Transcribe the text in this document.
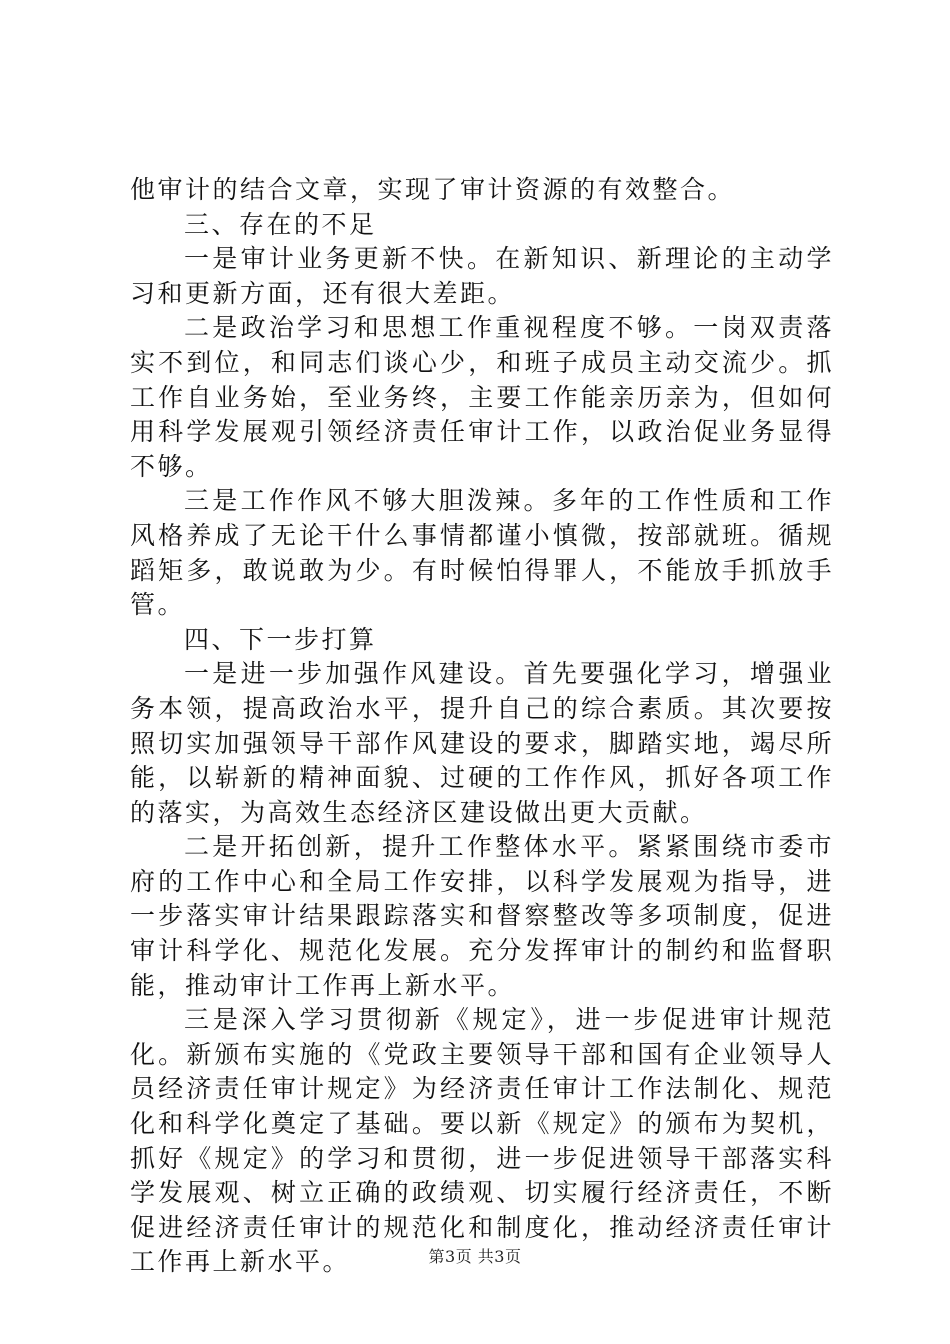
他审计的结合文章，实现了审计资源的有效整合。

三、存在的不足

一是审计业务更新不快。在新知识、新理论的主动学习和更新方面，还有很大差距。

二是政治学习和思想工作重视程度不够。一岗双责落实不到位，和同志们谈心少，和班子成员主动交流少。抓工作自业务始，至业务终，主要工作能亲历亲为，但如何用科学发展观引领经济责任审计工作，以政治促业务显得不够。

三是工作作风不够大胆泼辣。多年的工作性质和工作风格养成了无论干什么事情都谨小慎微，按部就班。循规蹈矩多，敢说敢为少。有时候怕得罪人，不能放手抓放手管。

四、下一步打算

一是进一步加强作风建设。首先要强化学习，增强业务本领，提高政治水平，提升自己的综合素质。其次要按照切实加强领导干部作风建设的要求，脚踏实地，竭尽所能，以崭新的精神面貌、过硬的工作作风，抓好各项工作的落实，为高效生态经济区建设做出更大贡献。

二是开拓创新，提升工作整体水平。紧紧围绕市委市府的工作中心和全局工作安排，以科学发展观为指导，进一步落实审计结果跟踪落实和督察整改等多项制度，促进审计科学化、规范化发展。充分发挥审计的制约和监督职能，推动审计工作再上新水平。

三是深入学习贯彻新《规定》，进一步促进审计规范化。新颁布实施的《党政主要领导干部和国有企业领导人员经济责任审计规定》为经济责任审计工作法制化、规范化和科学化奠定了基础。要以新《规定》的颁布为契机，抓好《规定》的学习和贯彻，进一步促进领导干部落实科学发展观、树立正确的政绩观、切实履行经济责任，不断促进经济责任审计的规范化和制度化，推动经济责任审计工作再上新水平。	第3页 共3页
